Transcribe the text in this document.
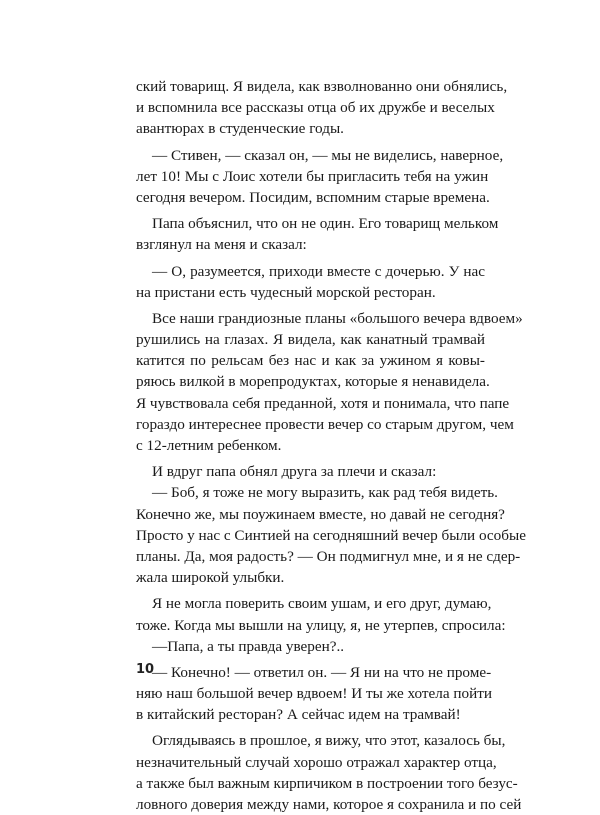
ский товарищ. Я видела, как взволнованно они обнялись,
и вспомнила все рассказы отца об их дружбе и веселых
авантюрах в студенческие годы.
— Стивен, — сказал он, — мы не виделись, наверное,
лет 10! Мы с Лоис хотели бы пригласить тебя на ужин
сегодня вечером. Посидим, вспомним старые времена.
Папа объяснил, что он не один. Его товарищ мельком
взглянул на меня и сказал:
— О, разумеется, приходи вместе с дочерью. У нас
на пристани есть чудесный морской ресторан.
Все наши грандиозные планы «большого вечера вдвоем»
рушились на глазах. Я видела, как канатный трамвай
катится по рельсам без нас и как за ужином я ковы-
ряюсь вилкой в морепродуктах, которые я ненавидела.
Я чувствовала себя преданной, хотя и понимала, что папе
гораздо интереснее провести вечер со старым другом, чем
с 12-летним ребенком.
И вдруг папа обнял друга за плечи и сказал:
— Боб, я тоже не могу выразить, как рад тебя видеть.
Конечно же, мы поужинаем вместе, но давай не сегодня?
Просто у нас с Синтией на сегодняшний вечер были особые
планы. Да, моя радость? — Он подмигнул мне, и я не сдер-
жала широкой улыбки.
Я не могла поверить своим ушам, и его друг, думаю,
тоже. Когда мы вышли на улицу, я, не утерпев, спросила:
—Папа, а ты правда уверен?..
— Конечно! — ответил он. — Я ни на что не проме-
няю наш большой вечер вдвоем! И ты же хотела пойти
в китайский ресторан? А сейчас идем на трамвай!
Оглядываясь в прошлое, я вижу, что этот, казалось бы,
незначительный случай хорошо отражал характер отца,
а также был важным кирпичиком в построении того безус-
ловного доверия между нами, которое я сохранила и по сей
10
